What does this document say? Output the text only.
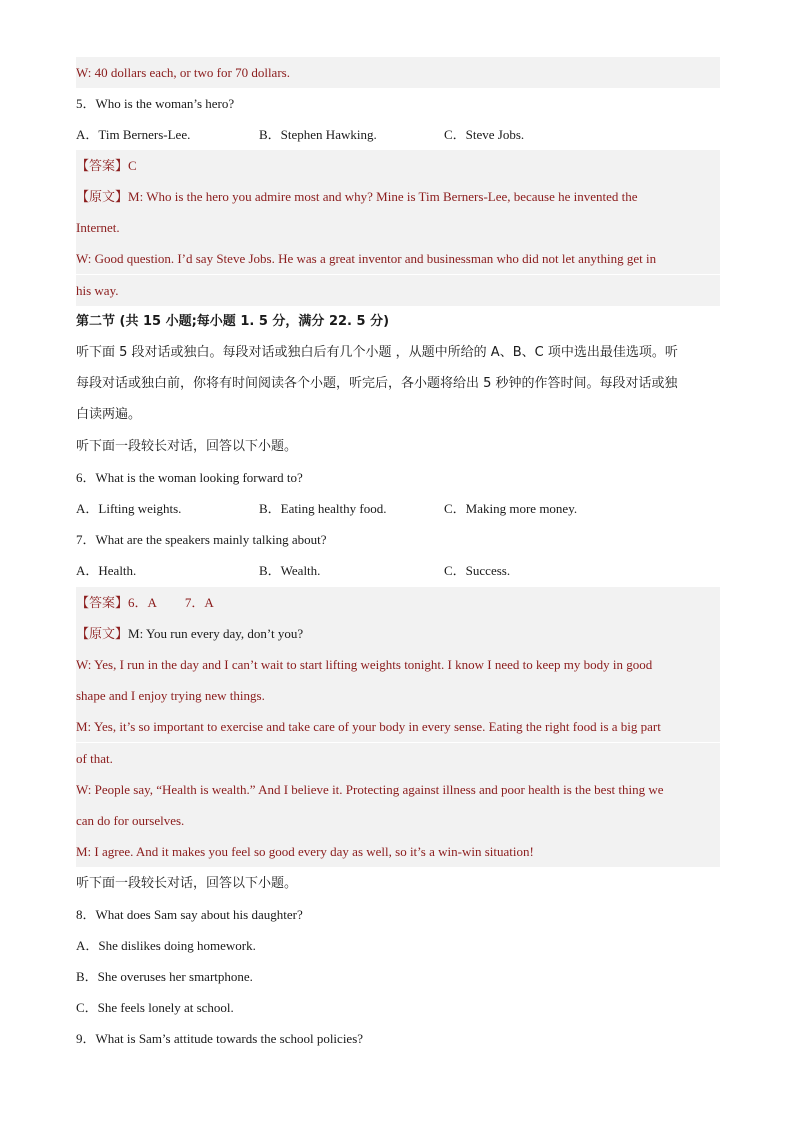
W: 40 dollars each, or two for 70 dollars.
5．Who is the woman’s hero?
A．Tim Berners-Lee.	B．Stephen Hawking.	C．Steve Jobs.
【答案】C
【原文】M: Who is the hero you admire most and why? Mine is Tim Berners-Lee, because he invented the
Internet.
W: Good question. I’d say Steve Jobs. He was a great inventor and businessman who did not let anything get in
his way.
第二节 (共 15 小题;每小题 1. 5 分，满分 22. 5 分)
听下面 5 段对话或独白。每段对话或独白后有几个小题 ，从题中所给的 A、B、C 项中选出最佳选项。听
每段对话或独白前，你将有时间阅读各个小题，听完后，各小题将给出 5 秒钟的作答时间。每段对话或独
白读两遍。
听下面一段较长对话，回答以下小题。
6．What is the woman looking forward to?
A．Lifting weights.	B．Eating healthy food.	C．Making more money.
7．What are the speakers mainly talking about?
A．Health.	B．Wealth.	C．Success.
【答案】6．A 7．A
【原文】M: You run every day, don’t you?
W: Yes, I run in the day and I can’t wait to start lifting weights tonight. I know I need to keep my body in good
shape and I enjoy trying new things.
M: Yes, it’s so important to exercise and take care of your body in every sense. Eating the right food is a big part
of that.
W: People say, “Health is wealth.” And I believe it. Protecting against illness and poor health is the best thing we
can do for ourselves.
M: I agree. And it makes you feel so good every day as well, so it’s a win-win situation!
听下面一段较长对话，回答以下小题。
8．What does Sam say about his daughter?
A．She dislikes doing homework.
B．She overuses her smartphone.
C．She feels lonely at school.
9．What is Sam’s attitude towards the school policies?
